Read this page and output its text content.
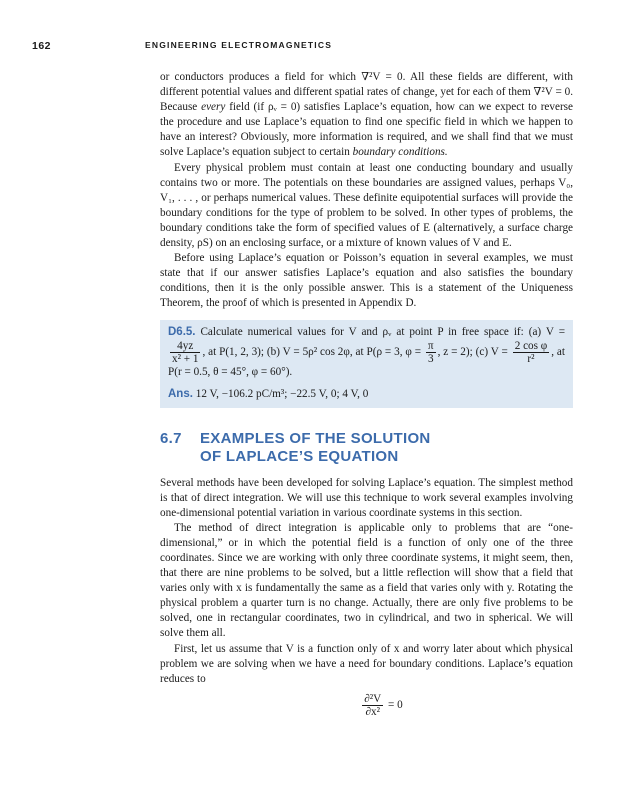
162	ENGINEERING ELECTROMAGNETICS

or conductors produces a field for which ∇²V = 0. All these fields are different, with different potential values and different spatial rates of change, yet for each of them ∇²V = 0. Because every field (if ρᵥ = 0) satisfies Laplace’s equation, how can we expect to reverse the procedure and use Laplace’s equation to find one specific field in which we happen to have an interest? Obviously, more information is required, and we shall find that we must solve Laplace’s equation subject to certain boundary conditions.

Every physical problem must contain at least one conducting boundary and usually contains two or more. The potentials on these boundaries are assigned values, perhaps V₀, V₁, . . . , or perhaps numerical values. These definite equipotential surfaces will provide the boundary conditions for the type of problem to be solved. In other types of problems, the boundary conditions take the form of specified values of E (alternatively, a surface charge density, ρS) on an enclosing surface, or a mixture of known values of V and E.

Before using Laplace’s equation or Poisson’s equation in several examples, we must state that if our answer satisfies Laplace’s equation and also satisfies the boundary conditions, then it is the only possible answer. This is a statement of the Uniqueness Theorem, the proof of which is presented in Appendix D.

D6.5. Calculate numerical values for V and ρᵥ at point P in free space if: (a) V =
$\frac{4yz}{\text{x² + 1}}$ , at P(1, 2, 3); (b) V = 5ρ² cos 2φ, at P(ρ = 3, $\varphi = \frac{\pi}{3}$ , z = 2); (c) $V = \frac{\text{2 cos φ}}{\text{r²}}$ , at P(r = 0.5, θ = 45°, φ = 60°).
Ans. 12 V, −106.2 pC/m³; −22.5 V, 0; 4 V, 0
6.7 EXAMPLES OF THE SOLUTION
OF LAPLACE’S EQUATION

Several methods have been developed for solving Laplace’s equation. The simplest method is that of direct integration. We will use this technique to work several examples involving one-dimensional potential variation in various coordinate systems in this section.

The method of direct integration is applicable only to problems that are “one-dimensional,” or in which the potential field is a function of only one of the three coordinates. Since we are working with only three coordinate systems, it might seem, then, that there are nine problems to be solved, but a little reflection will show that a field that varies only with x is fundamentally the same as a field that varies only with y. Rotating the physical problem a quarter turn is no change. Actually, there are only five problems to be solved, one in rectangular coordinates, two in cylindrical, and two in spherical. We will solve them all.

First, let us assume that V is a function only of x and worry later about which physical problem we are solving when we have a need for boundary conditions. Laplace’s equation reduces to

$\frac{\text{∂²V}}{\text{∂x²}} = 0$
